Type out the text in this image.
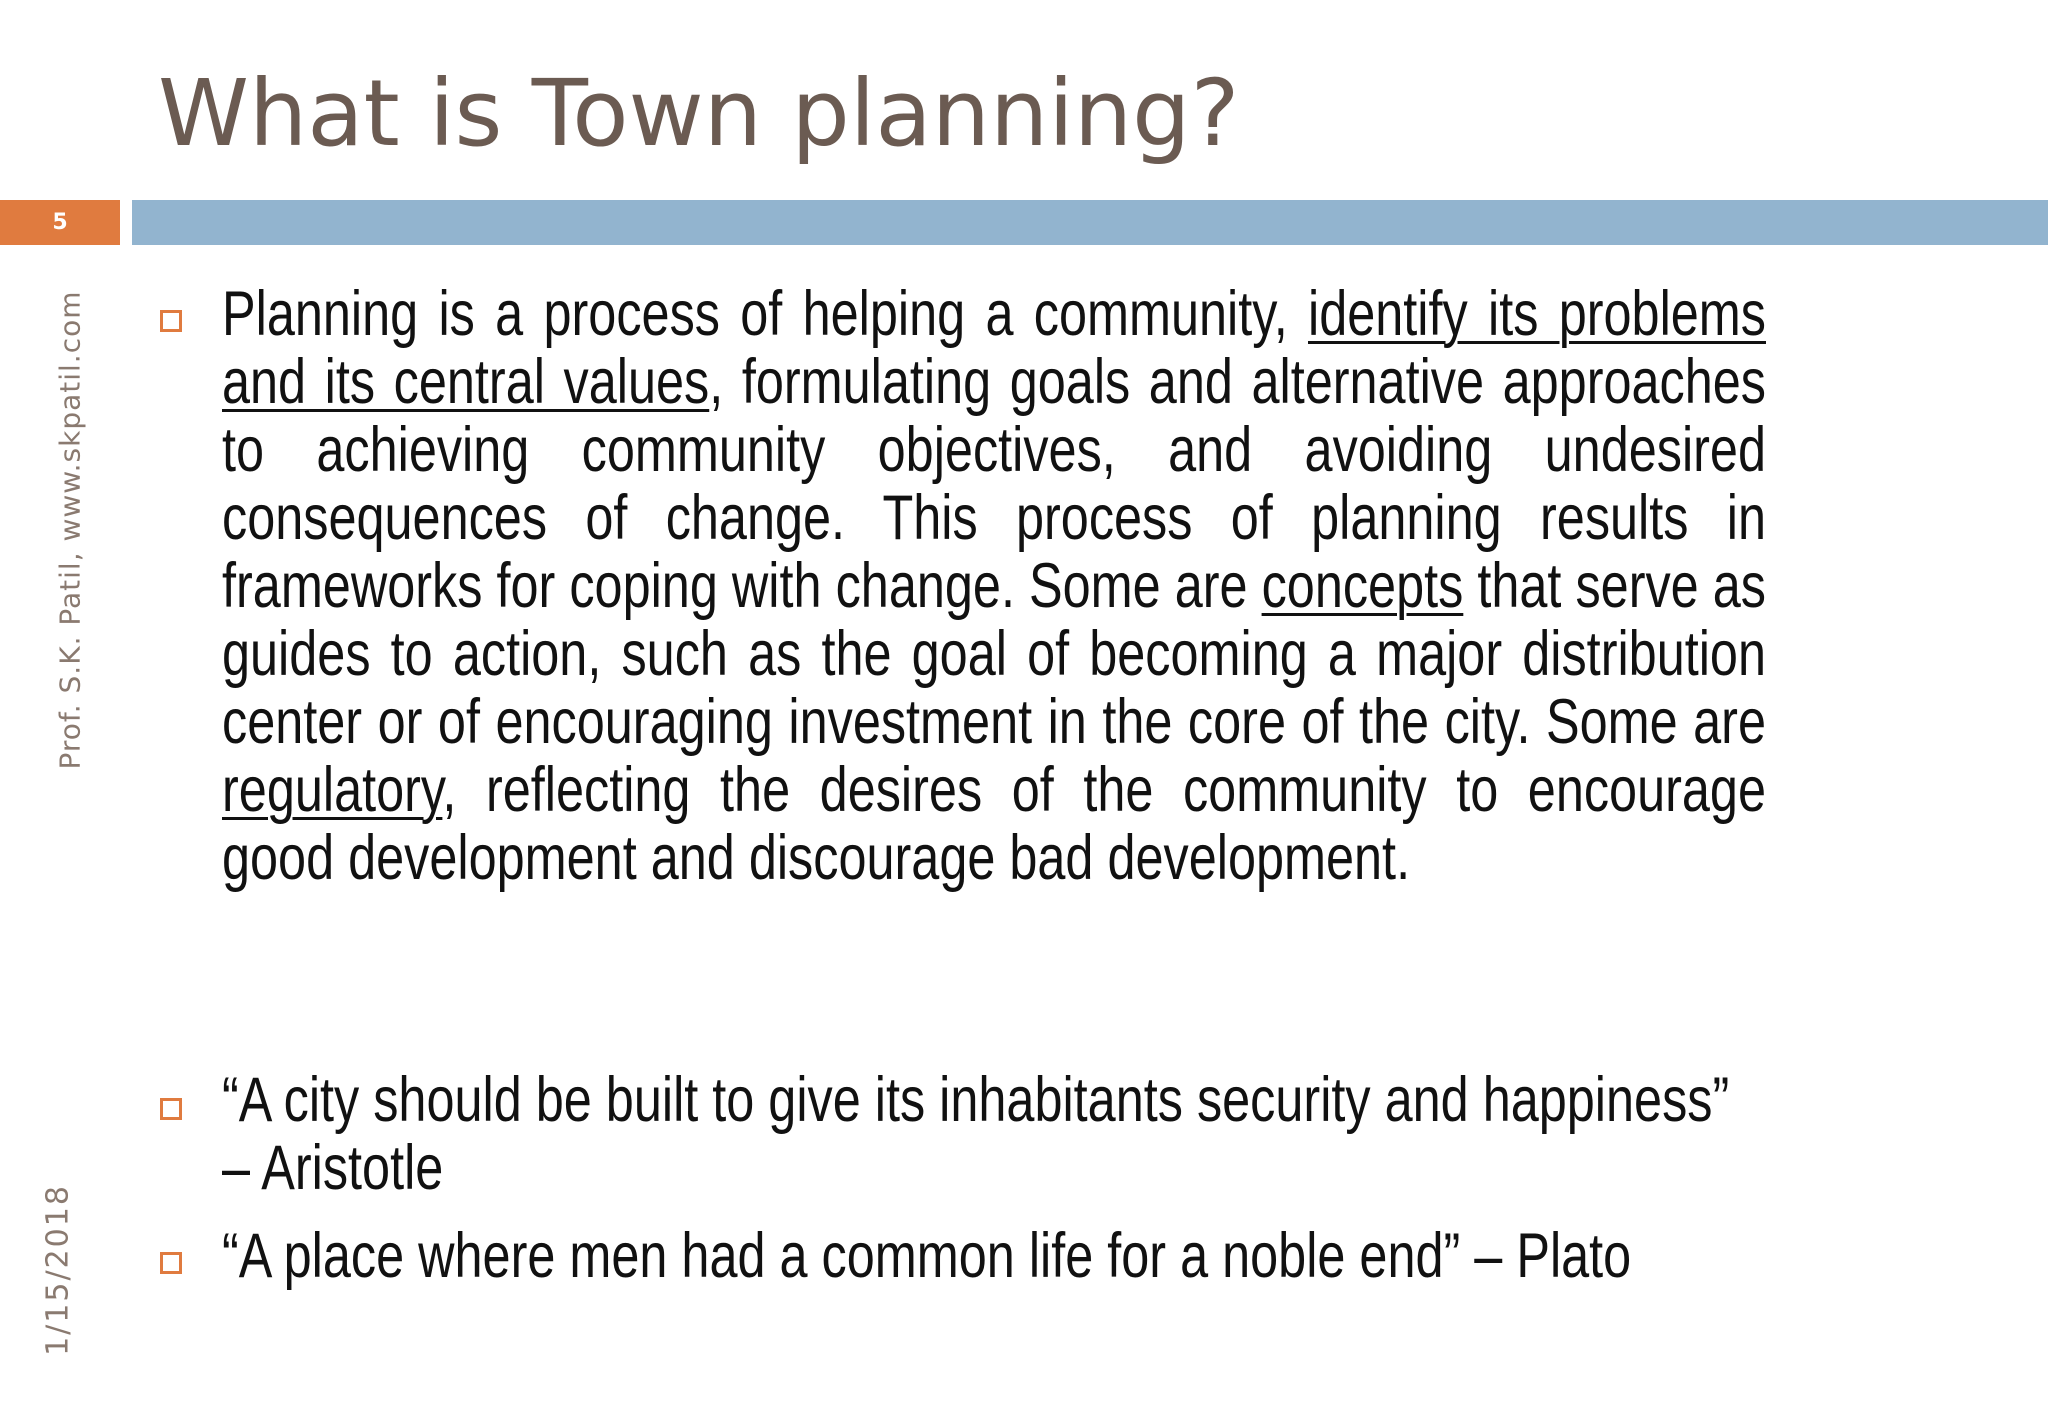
What is Town planning?
5
Prof. S.K. Patil, www.skpatil.com
1/15/2018
Planning is a process of helping a community, identify its problems and its central values, formulating goals and alternative approaches to achieving community objectives, and avoiding undesired consequences of change. This process of planning results in frameworks for coping with change. Some are concepts that serve as guides to action, such as the goal of becoming a major distribution center or of encouraging investment in the core of the city. Some are regulatory, reflecting the desires of the community to encourage good development and discourage bad development.
“A city should be built to give its inhabitants security and happiness” – Aristotle
“A place where men had a common life for a noble end” – Plato
